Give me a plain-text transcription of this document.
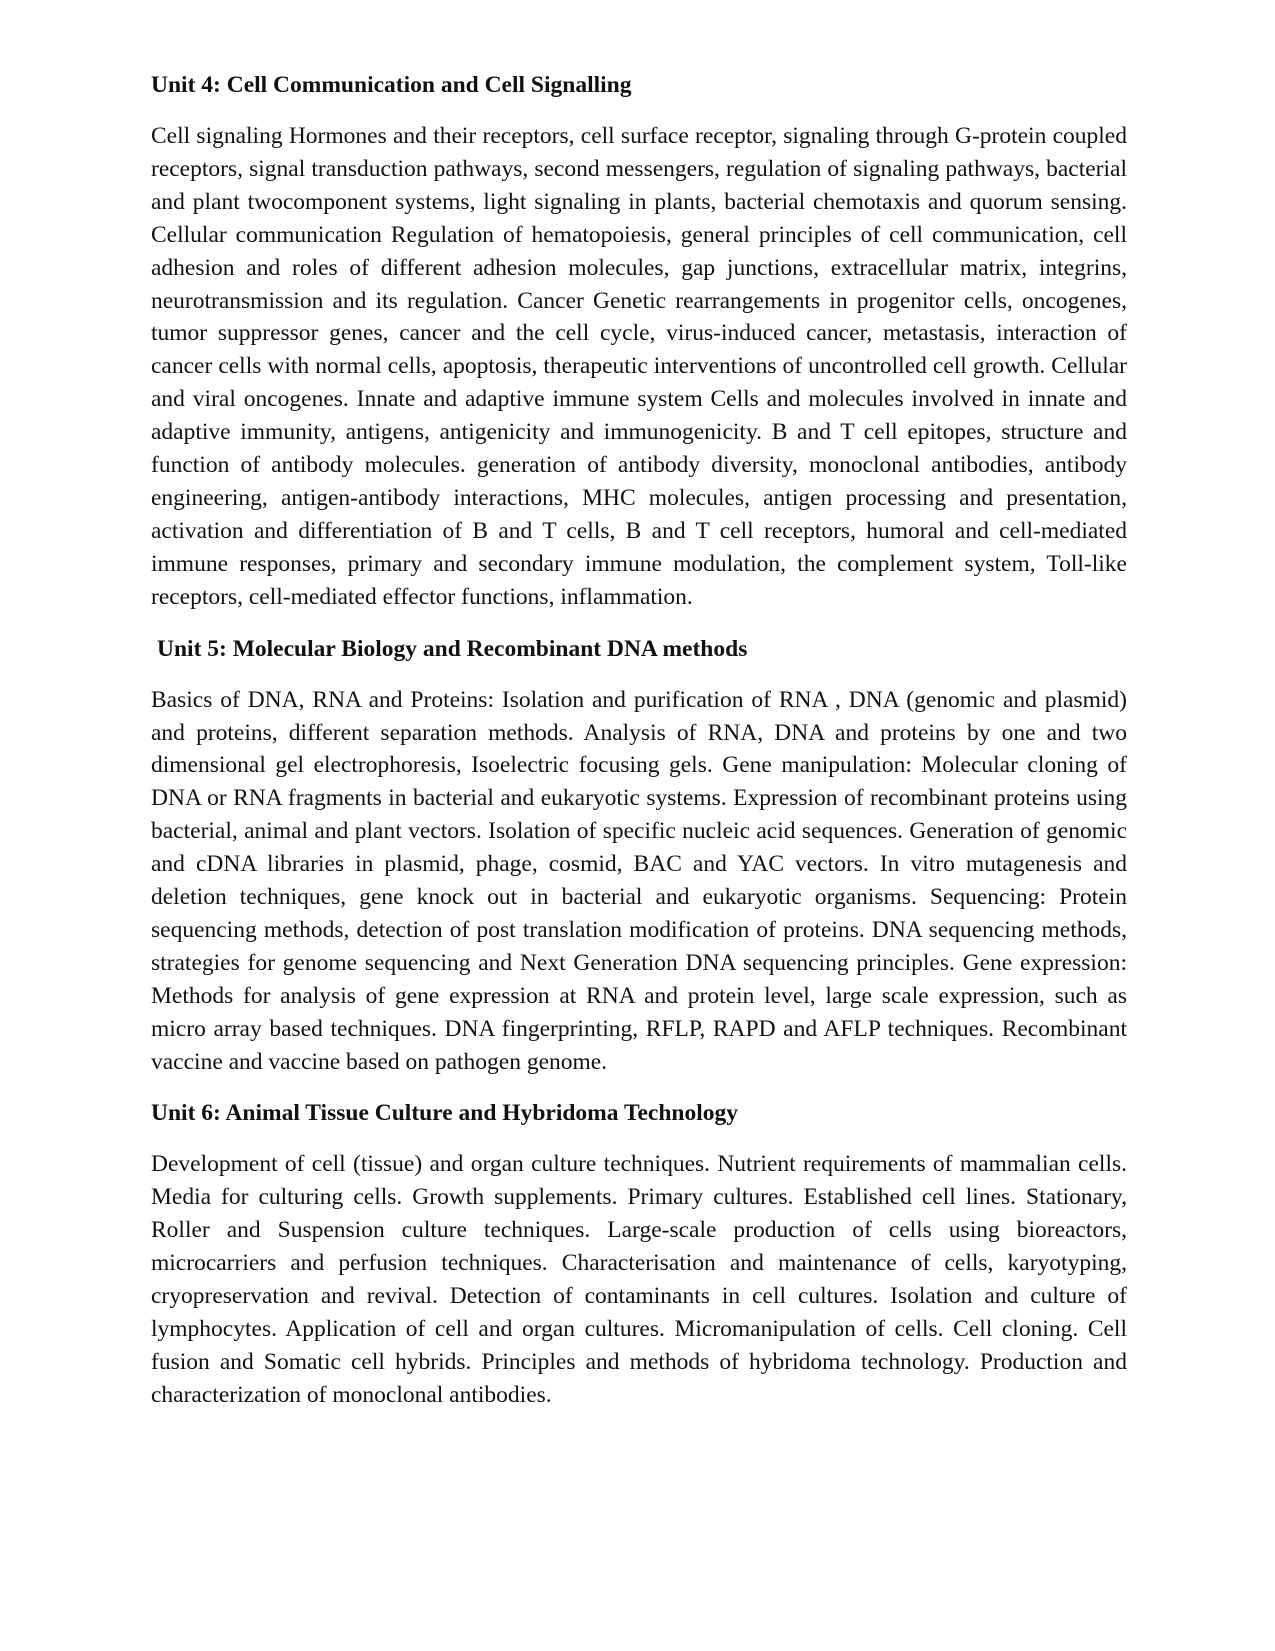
Unit 4: Cell Communication and Cell Signalling

Cell signaling Hormones and their receptors, cell surface receptor, signaling through G-protein coupled receptors, signal transduction pathways, second messengers, regulation of signaling pathways, bacterial and plant twocomponent systems, light signaling in plants, bacterial chemotaxis and quorum sensing. Cellular communication Regulation of hematopoiesis, general principles of cell communication, cell adhesion and roles of different adhesion molecules, gap junctions, extracellular matrix, integrins, neurotransmission and its regulation. Cancer Genetic rearrangements in progenitor cells, oncogenes, tumor suppressor genes, cancer and the cell cycle, virus-induced cancer, metastasis, interaction of cancer cells with normal cells, apoptosis, therapeutic interventions of uncontrolled cell growth. Cellular and viral oncogenes. Innate and adaptive immune system Cells and molecules involved in innate and adaptive immunity, antigens, antigenicity and immunogenicity. B and T cell epitopes, structure and function of antibody molecules. generation of antibody diversity, monoclonal antibodies, antibody engineering, antigen-antibody interactions, MHC molecules, antigen processing and presentation, activation and differentiation of B and T cells, B and T cell receptors, humoral and cell-mediated immune responses, primary and secondary immune modulation, the complement system, Toll-like receptors, cell-mediated effector functions, inflammation.

Unit 5: Molecular Biology and Recombinant DNA methods

Basics of DNA, RNA and Proteins: Isolation and purification of RNA , DNA (genomic and plasmid) and proteins, different separation methods. Analysis of RNA, DNA and proteins by one and two dimensional gel electrophoresis, Isoelectric focusing gels. Gene manipulation: Molecular cloning of DNA or RNA fragments in bacterial and eukaryotic systems. Expression of recombinant proteins using bacterial, animal and plant vectors. Isolation of specific nucleic acid sequences. Generation of genomic and cDNA libraries in plasmid, phage, cosmid, BAC and YAC vectors. In vitro mutagenesis and deletion techniques, gene knock out in bacterial and eukaryotic organisms. Sequencing: Protein sequencing methods, detection of post translation modification of proteins. DNA sequencing methods, strategies for genome sequencing and Next Generation DNA sequencing principles. Gene expression: Methods for analysis of gene expression at RNA and protein level, large scale expression, such as micro array based techniques. DNA fingerprinting, RFLP, RAPD and AFLP techniques. Recombinant vaccine and vaccine based on pathogen genome.

Unit 6: Animal Tissue Culture and Hybridoma Technology

Development of cell (tissue) and organ culture techniques. Nutrient requirements of mammalian cells. Media for culturing cells. Growth supplements. Primary cultures. Established cell lines. Stationary, Roller and Suspension culture techniques. Large-scale production of cells using bioreactors, microcarriers and perfusion techniques. Characterisation and maintenance of cells, karyotyping, cryopreservation and revival. Detection of contaminants in cell cultures. Isolation and culture of lymphocytes. Application of cell and organ cultures. Micromanipulation of cells. Cell cloning. Cell fusion and Somatic cell hybrids. Principles and methods of hybridoma technology. Production and characterization of monoclonal antibodies.
